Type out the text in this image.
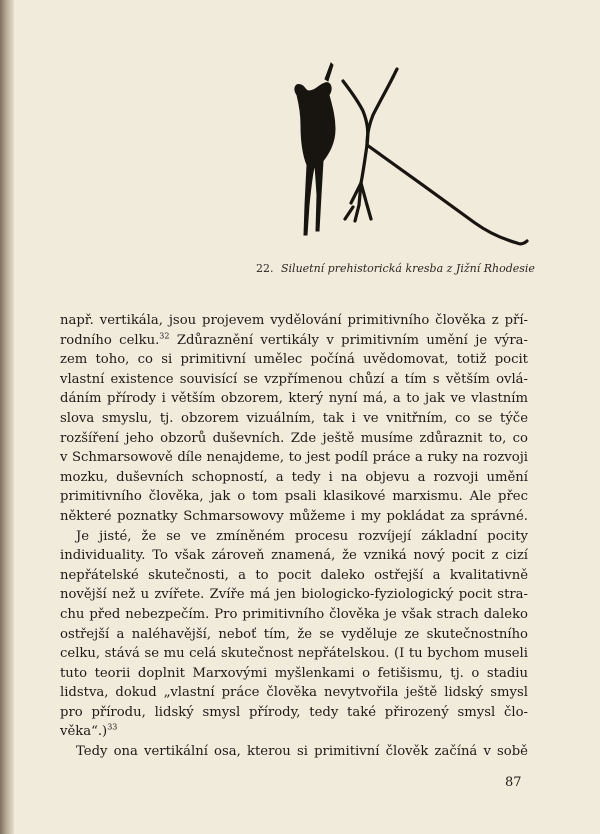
22. Siluetní prehistorická kresba z Jižní Rhodesie

např. vertikála, jsou projevem vydělování primitivního člověka z pří-
rodního celku.$^{32}$ Zdůraznění vertikály v primitivním umění je výra-
zem toho, co si primitivní umělec počíná uvědomovat, totiž pocit
vlastní existence souvisící se vzpřímenou chůzí a tím s větším ovlá-
dáním přírody i větším obzorem, který nyní má, a to jak ve vlastním
slova smyslu, tj. obzorem vizuálním, tak i ve vnitřním, co se týče
rozšíření jeho obzorů duševních. Zde ještě musíme zdůraznit to, co
v Schmarsowově díle nenajdeme, to jest podíl práce a ruky na rozvoji
mozku, duševních schopností, a tedy i na objevu a rozvoji umění
primitivního člověka, jak o tom psali klasikové marxismu. Ale přec
některé poznatky Schmarsowovy můžeme i my pokládat za správné.

Je jisté, že se ve zmíněném procesu rozvíjejí základní pocity
individuality. To však zároveň znamená, že vzniká nový pocit z cizí
nepřátelské skutečnosti, a to pocit daleko ostřejší a kvalitativně
novější než u zvířete. Zvíře má jen biologicko-fyziologický pocit stra-
chu před nebezpečím. Pro primitivního člověka je však strach daleko
ostřejší a naléhavější, neboť tím, že se vyděluje ze skutečnostního
celku, stává se mu celá skutečnost nepřátelskou. (I tu bychom museli
tuto teorii doplnit Marxovými myšlenkami o fetišismu, tj. o stadiu
lidstva, dokud „vlastní práce člověka nevytvořila ještě lidský smysl
pro přírodu, lidský smysl přírody, tedy také přirozený smysl člo-
věka“.)$^{33}$

Tedy ona vertikální osa, kterou si primitivní člověk začíná v sobě

87
